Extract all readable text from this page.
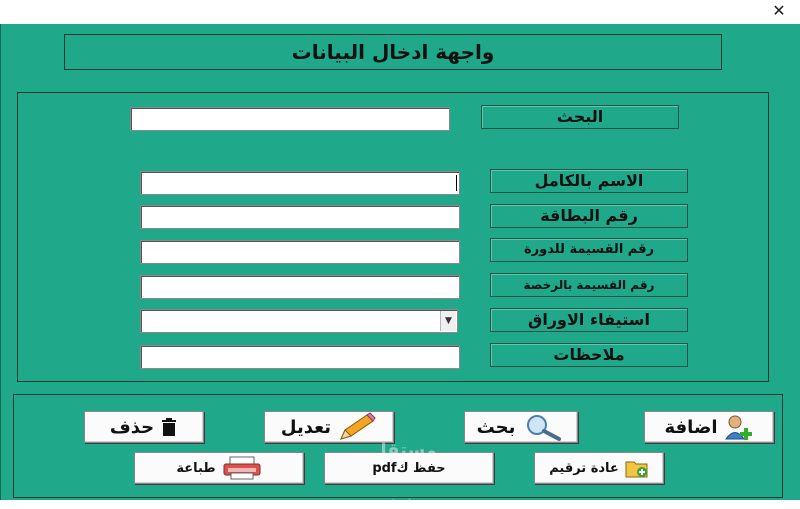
✕
واجهة ادخال البيانات
البحث
الاسم بالكامل
رقم البطاقة
رقم القسيمة للدورة
رقم القسيمة بالرخصة
استيفاء الاوراق
▼
ملاحظات
اضافة
بحث
تعديل
حذف
عادة ترقيم
حفظ كpdf
طباعة
مستقل
mostaql.com
